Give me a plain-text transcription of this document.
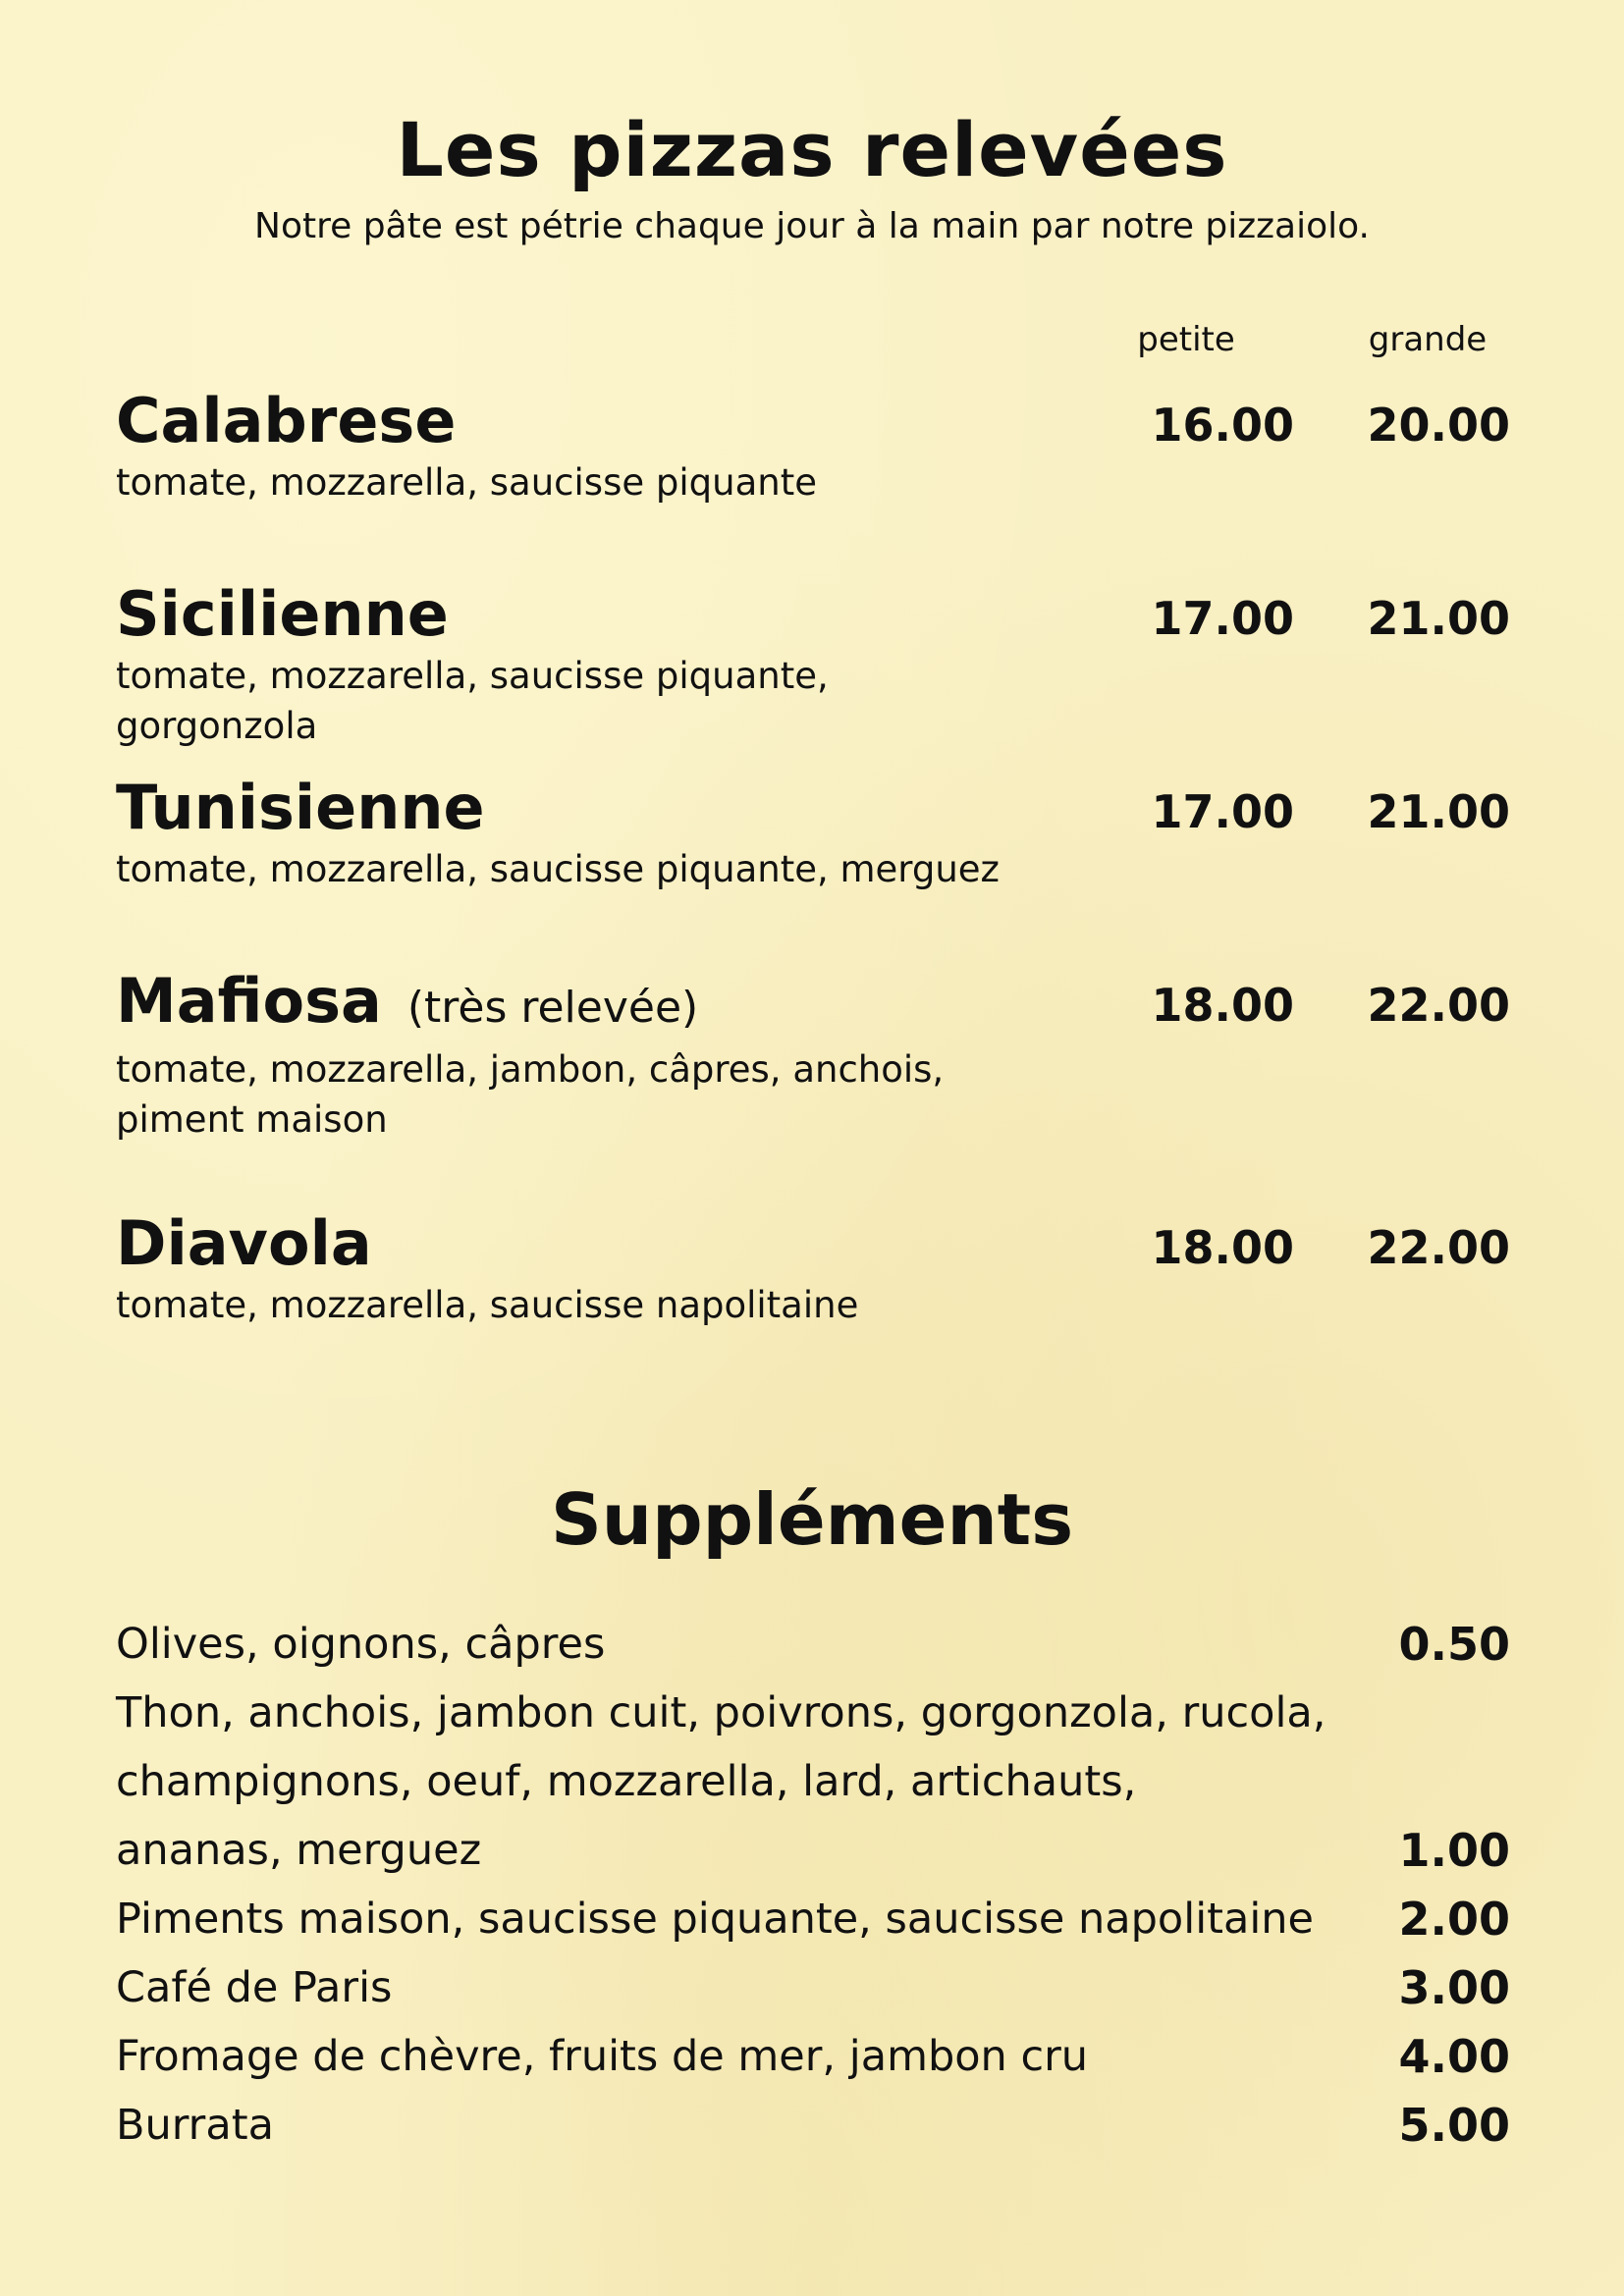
Les pizzas relevées
Notre pâte est pétrie chaque jour à la main par notre pizzaiolo.
petite	grande
Calabrese
tomate, mozzarella, saucisse piquante
16.00	20.00
Sicilienne
tomate, mozzarella, saucisse piquante, gorgonzola
17.00	21.00
Tunisienne
tomate, mozzarella, saucisse piquante, merguez
17.00	21.00
Mafiosa (très relevée)
tomate, mozzarella, jambon, câpres, anchois,
piment maison
18.00	22.00
Diavola
tomate, mozzarella, saucisse napolitaine
18.00	22.00
Suppléments
Olives, oignons, câpres	0.50
Thon, anchois, jambon cuit, poivrons, gorgonzola, rucola,
champignons, oeuf, mozzarella, lard, artichauts,
ananas, merguez	1.00
Piments maison, saucisse piquante, saucisse napolitaine	2.00
Café de Paris	3.00
Fromage de chèvre, fruits de mer, jambon cru	4.00
Burrata	5.00
